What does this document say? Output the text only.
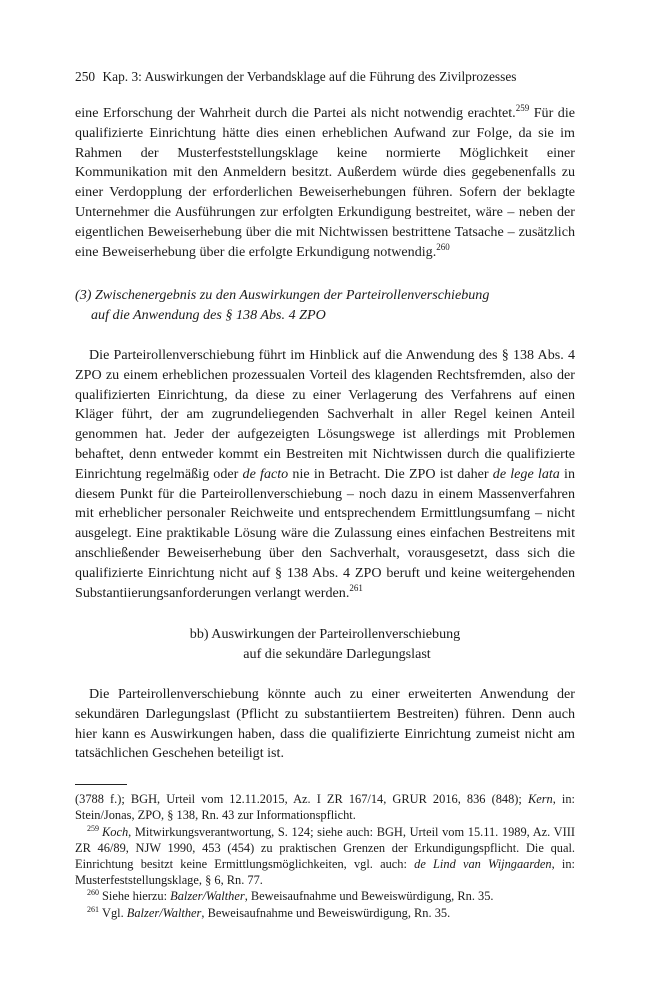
250 Kap. 3: Auswirkungen der Verbandsklage auf die Führung des Zivilprozesses

eine Erforschung der Wahrheit durch die Partei als nicht notwendig erachtet.$^{259}$ Für die qualifizierte Einrichtung hätte dies einen erheblichen Aufwand zur Folge, da sie im Rahmen der Musterfeststellungsklage keine normierte Möglichkeit einer Kommunikation mit den Anmeldern besitzt. Außerdem würde dies gegebenenfalls zu einer Verdopplung der erforderlichen Beweiserhebungen führen. Sofern der beklagte Unternehmer die Ausführungen zur erfolgten Erkundigung bestreitet, wäre – neben der eigentlichen Beweiserhebung über die mit Nichtwissen bestrittene Tatsache – zusätzlich eine Beweiserhebung über die erfolgte Erkundigung notwendig.$^{260}$

(3) Zwischenergebnis zu den Auswirkungen der Parteirollenverschiebung
auf die Anwendung des § 138 Abs. 4 ZPO

Die Parteirollenverschiebung führt im Hinblick auf die Anwendung des § 138 Abs. 4 ZPO zu einem erheblichen prozessualen Vorteil des klagenden Rechtsfremden, also der qualifizierten Einrichtung, da diese zu einer Verlagerung des Verfahrens auf einen Kläger führt, der am zugrundeliegenden Sachverhalt in aller Regel keinen Anteil genommen hat. Jeder der aufgezeigten Lösungswege ist allerdings mit Problemen behaftet, denn entweder kommt ein Bestreiten mit Nichtwissen durch die qualifizierte Einrichtung regelmäßig oder de facto nie in Betracht. Die ZPO ist daher de lege lata in diesem Punkt für die Parteirollenverschiebung – noch dazu in einem Massenverfahren mit erheblicher personaler Reichweite und entsprechendem Ermittlungsumfang – nicht ausgelegt. Eine praktikable Lösung wäre die Zulassung eines einfachen Bestreitens mit anschließender Beweiserhebung über den Sachverhalt, vorausgesetzt, dass sich die qualifizierte Einrichtung nicht auf § 138 Abs. 4 ZPO beruft und keine weitergehenden Substantiierungsanforderungen verlangt werden.$^{261}$

bb) Auswirkungen der Parteirollenverschiebung
auf die sekundäre Darlegungslast

Die Parteirollenverschiebung könnte auch zu einer erweiterten Anwendung der sekundären Darlegungslast (Pflicht zu substantiiertem Bestreiten) führen. Denn auch hier kann es Auswirkungen haben, dass die qualifizierte Einrichtung zumeist nicht am tatsächlichen Geschehen beteiligt ist.

(3788 f.); BGH, Urteil vom 12.11.2015, Az. I ZR 167/14, GRUR 2016, 836 (848); Kern, in: Stein/Jonas, ZPO, § 138, Rn. 43 zur Informationspflicht.
$^{259}$ Koch, Mitwirkungsverantwortung, S. 124; siehe auch: BGH, Urteil vom 15.11. 1989, Az. VIII ZR 46/89, NJW 1990, 453 (454) zu praktischen Grenzen der Erkundigungspflicht. Die qual. Einrichtung besitzt keine Ermittlungsmöglichkeiten, vgl. auch: de Lind van Wijngaarden, in: Musterfeststellungsklage, § 6, Rn. 77.
$^{260}$ Siehe hierzu: Balzer/Walther, Beweisaufnahme und Beweiswürdigung, Rn. 35.
$^{261}$ Vgl. Balzer/Walther, Beweisaufnahme und Beweiswürdigung, Rn. 35.
